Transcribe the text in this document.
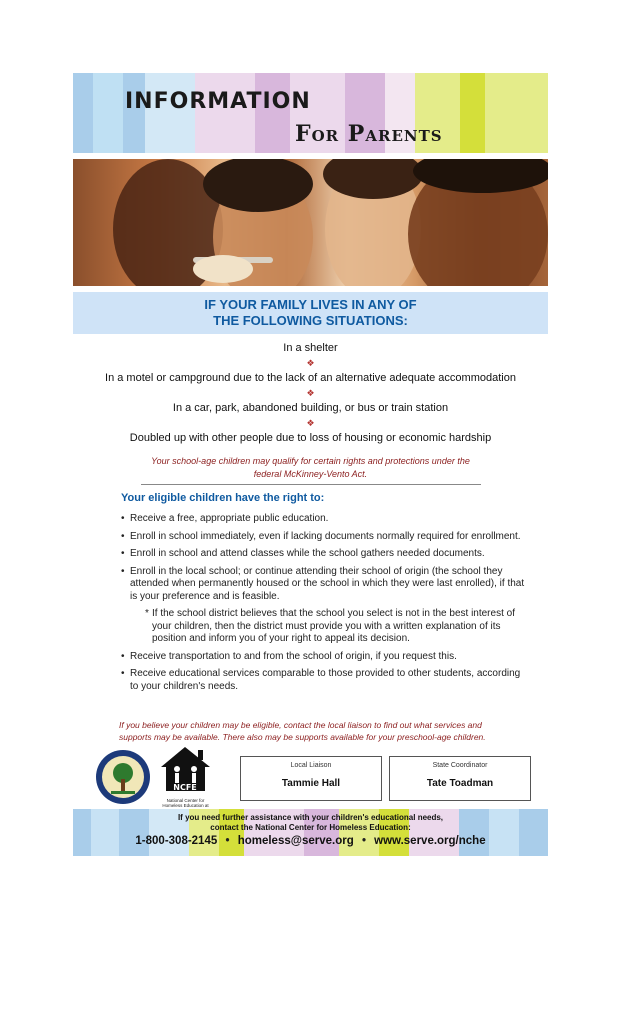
INFORMATION
For Parents
IF YOUR FAMILY LIVES IN ANY OF
THE FOLLOWING SITUATIONS:
In a shelter
❖
In a motel or campground due to the lack of an alternative adequate accommodation
❖
In a car, park, abandoned building, or bus or train station
❖
Doubled up with other people due to loss of housing or economic hardship
Your school-age children may qualify for certain rights and protections under the
federal McKinney-Vento Act.
Your eligible children have the right to:
• Receive a free, appropriate public education.
• Enroll in school immediately, even if lacking documents normally required for enrollment.
• Enroll in school and attend classes while the school gathers needed documents.
• Enroll in the local school; or continue attending their school of origin (the school they attended when permanently housed or the school in which they were last enrolled), if that is your preference and is feasible.
* If the school district believes that the school you select is not in the best interest of your children, then the district must provide you with a written explanation of its position and inform you of your right to appeal its decision.
• Receive transportation to and from the school of origin, if you request this.
• Receive educational services comparable to those provided to other students, according to your children's needs.
If you believe your children may be eligible, contact the local liaison to find out what services and
supports may be available. There also may be supports available for your preschool-age children.
NCFE
National Center for Homeless Education at
Local Liaison
Tammie Hall
State Coordinator
Tate Toadman
If you need further assistance with your children's educational needs,
contact the National Center for Homeless Education:
1-800-308-2145 • homeless@serve.org • www.serve.org/nche
